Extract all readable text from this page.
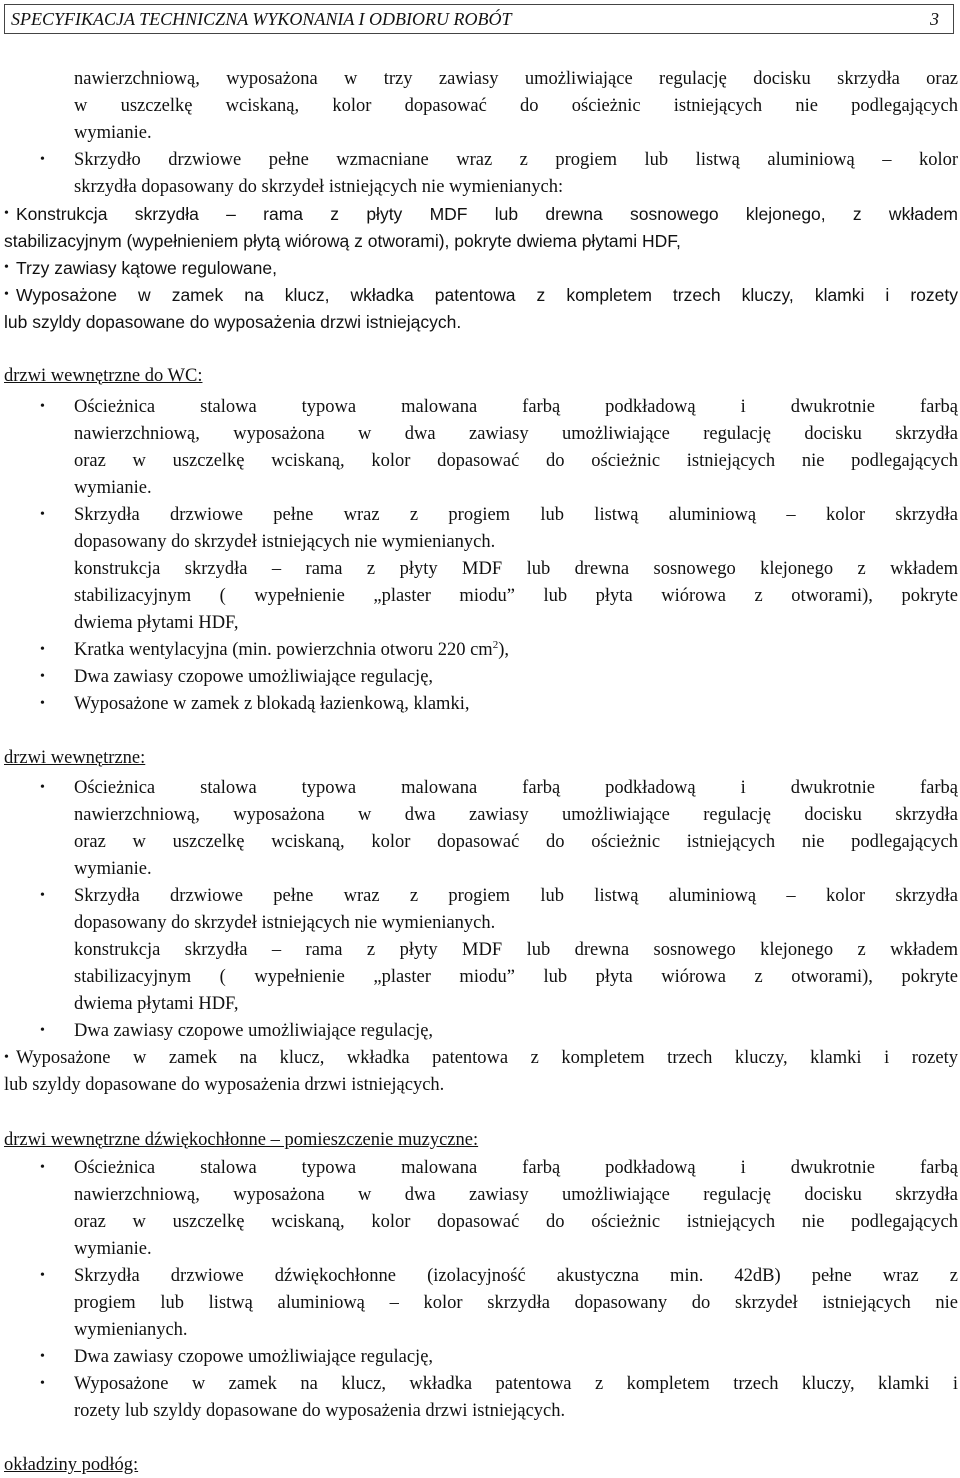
SPECYFIKACJA TECHNICZNA WYKONANIA I ODBIORU ROBÓT	3
nawierzchniową, wyposażona w trzy zawiasy umożliwiające regulację docisku skrzydła oraz
w uszczelkę wciskaną, kolor dopasować do ościeżnic istniejących nie podlegających
wymianie.
• Skrzydło drzwiowe pełne wzmacniane wraz z progiem lub listwą aluminiową – kolor
skrzydła dopasowany do skrzydeł istniejących nie wymienianych:
• Konstrukcja skrzydła – rama z płyty MDF lub drewna sosnowego klejonego, z wkładem
stabilizacyjnym (wypełnieniem płytą wiórową z otworami), pokryte dwiema płytami HDF,
• Trzy zawiasy kątowe regulowane,
• Wyposażone w zamek na klucz, wkładka patentowa z kompletem trzech kluczy, klamki i rozety
lub szyldy dopasowane do wyposażenia drzwi istniejących.
drzwi wewnętrzne do WC:
• Ościeżnica stalowa typowa malowana farbą podkładową i dwukrotnie farbą
nawierzchniową, wyposażona w dwa zawiasy umożliwiające regulację docisku skrzydła
oraz w uszczelkę wciskaną, kolor dopasować do ościeżnic istniejących nie podlegających
wymianie.
• Skrzydła drzwiowe pełne wraz z progiem lub listwą aluminiową – kolor skrzydła
dopasowany do skrzydeł istniejących nie wymienianych.
konstrukcja skrzydła – rama z płyty MDF lub drewna sosnowego klejonego z wkładem
stabilizacyjnym ( wypełnienie „plaster miodu” lub płyta wiórowa z otworami), pokryte
dwiema płytami HDF,
• Kratka wentylacyjna (min. powierzchnia otworu 220 $cm^2$),
• Dwa zawiasy czopowe umożliwiające regulację,
• Wyposażone w zamek z blokadą łazienkową, klamki,
drzwi wewnętrzne:
• Ościeżnica stalowa typowa malowana farbą podkładową i dwukrotnie farbą
nawierzchniową, wyposażona w dwa zawiasy umożliwiające regulację docisku skrzydła
oraz w uszczelkę wciskaną, kolor dopasować do ościeżnic istniejących nie podlegających
wymianie.
• Skrzydła drzwiowe pełne wraz z progiem lub listwą aluminiową – kolor skrzydła
dopasowany do skrzydeł istniejących nie wymienianych.
konstrukcja skrzydła – rama z płyty MDF lub drewna sosnowego klejonego z wkładem
stabilizacyjnym ( wypełnienie „plaster miodu” lub płyta wiórowa z otworami), pokryte
dwiema płytami HDF,
• Dwa zawiasy czopowe umożliwiające regulację,
• Wyposażone w zamek na klucz, wkładka patentowa z kompletem trzech kluczy, klamki i rozety
lub szyldy dopasowane do wyposażenia drzwi istniejących.
drzwi wewnętrzne dźwiękochłonne – pomieszczenie muzyczne:
• Ościeżnica stalowa typowa malowana farbą podkładową i dwukrotnie farbą
nawierzchniową, wyposażona w dwa zawiasy umożliwiające regulację docisku skrzydła
oraz w uszczelkę wciskaną, kolor dopasować do ościeżnic istniejących nie podlegających
wymianie.
• Skrzydła drzwiowe dźwiękochłonne (izolacyjność akustyczna min. 42dB) pełne wraz z
progiem lub listwą aluminiową – kolor skrzydła dopasowany do skrzydeł istniejących nie
wymienianych.
• Dwa zawiasy czopowe umożliwiające regulację,
• Wyposażone w zamek na klucz, wkładka patentowa z kompletem trzech kluczy, klamki i
rozety lub szyldy dopasowane do wyposażenia drzwi istniejących.
okładziny podłóg:
